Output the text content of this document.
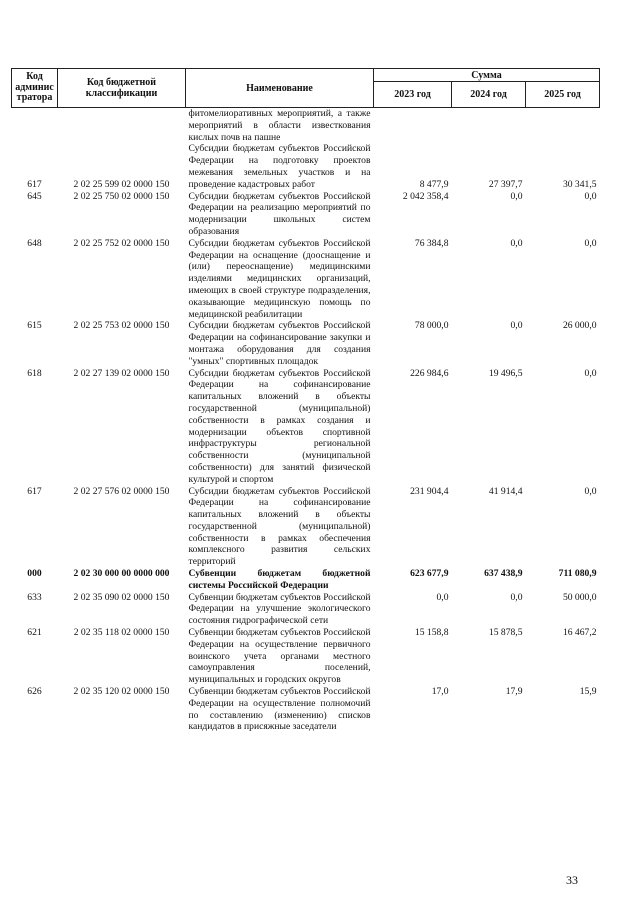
Код
админис
тратора	Код бюджетной
классификации	Наименование	Сумма		
			2023 год	2024 год	2025 год
		фитомелиоративных мероприятий, а также мероприятий в области известкования кислых почв на пашне			
617	2 02 25 599 02 0000 150	Субсидии бюджетам субъектов Российской Федерации на подготовку проектов межевания земельных участков и на проведение кадастровых работ	8 477,9	27 397,7	30 341,5
645	2 02 25 750 02 0000 150	Субсидии бюджетам субъектов Российской Федерации на реализацию мероприятий по модернизации школьных систем образования	2 042 358,4	0,0	0,0
648	2 02 25 752 02 0000 150	Субсидии бюджетам субъектов Российской Федерации на оснащение (дооснащение и (или) переоснащение) медицинскими изделиями медицинских организаций, имеющих в своей структуре подразделения, оказывающие медицинскую помощь по медицинской реабилитации	76 384,8	0,0	0,0
615	2 02 25 753 02 0000 150	Субсидии бюджетам субъектов Российской Федерации на софинансирование закупки и монтажа оборудования для создания "умных" спортивных площадок	78 000,0	0,0	26 000,0
618	2 02 27 139 02 0000 150	Субсидии бюджетам субъектов Российской Федерации на софинансирование капитальных вложений в объекты государственной (муниципальной) собственности в рамках создания и модернизации объектов спортивной инфраструктуры региональной собственности (муниципальной собственности) для занятий физической культурой и спортом	226 984,6	19 496,5	0,0
617	2 02 27 576 02 0000 150	Субсидии бюджетам субъектов Российской Федерации на софинансирование капитальных вложений в объекты государственной (муниципальной) собственности в рамках обеспечения комплексного развития сельских территорий	231 904,4	41 914,4	0,0
000	2 02 30 000 00 0000 000	Субвенции бюджетам бюджетной системы Российской Федерации	623 677,9	637 438,9	711 080,9
633	2 02 35 090 02 0000 150	Субвенции бюджетам субъектов Российской Федерации на улучшение экологического состояния гидрографической сети	0,0	0,0	50 000,0
621	2 02 35 118 02 0000 150	Субвенции бюджетам субъектов Российской Федерации на осуществление первичного воинского учета органами местного самоуправления поселений, муниципальных и городских округов	15 158,8	15 878,5	16 467,2
626	2 02 35 120 02 0000 150	Субвенции бюджетам субъектов Российской Федерации на осуществление полномочий по составлению (изменению) списков кандидатов в присяжные заседатели	17,0	17,9	15,9
33
